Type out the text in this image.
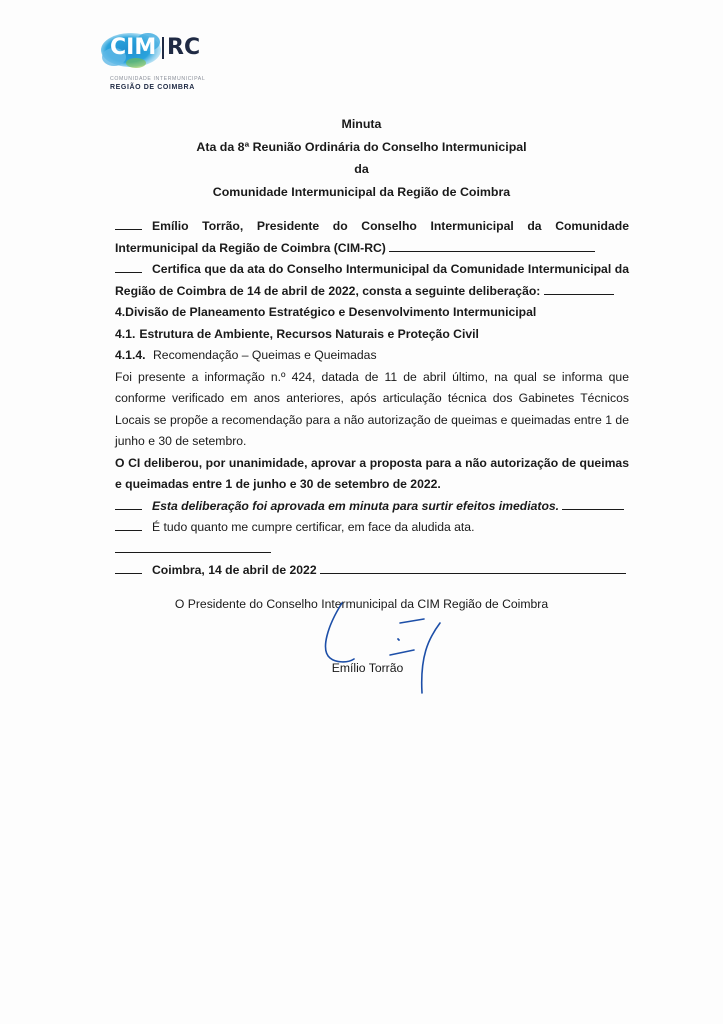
CIM RC
COMUNIDADE INTERMUNICIPAL
REGIÃO DE COIMBRA
Minuta
Ata da 8ª Reunião Ordinária do Conselho Intermunicipal
da
Comunidade Intermunicipal da Região de Coimbra

Emílio Torrão, Presidente do Conselho Intermunicipal da Comunidade

Intermunicipal da Região de Coimbra (CIM-RC)

Certifica que da ata do Conselho Intermunicipal da Comunidade Intermunicipal da

Região de Coimbra de 14 de abril de 2022, consta a seguinte deliberação:

4.Divisão de Planeamento Estratégico e Desenvolvimento Intermunicipal

4.1. Estrutura de Ambiente, Recursos Naturais e Proteção Civil

4.1.4. Recomendação – Queimas e Queimadas

Foi presente a informação n.º 424, datada de 11 de abril último, na qual se informa que conforme verificado em anos anteriores, após articulação técnica dos Gabinetes Técnicos Locais se propõe a recomendação para a não autorização de queimas e queimadas entre 1 de junho e 30 de setembro.

O CI deliberou, por unanimidade, aprovar a proposta para a não autorização de queimas e queimadas entre 1 de junho e 30 de setembro de 2022.

Esta deliberação foi aprovada em minuta para surtir efeitos imediatos.

É tudo quanto me cumpre certificar, em face da aludida ata.

Coimbra, 14 de abril de 2022

O Presidente do Conselho Intermunicipal da CIM Região de Coimbra
Emílio Torrão
